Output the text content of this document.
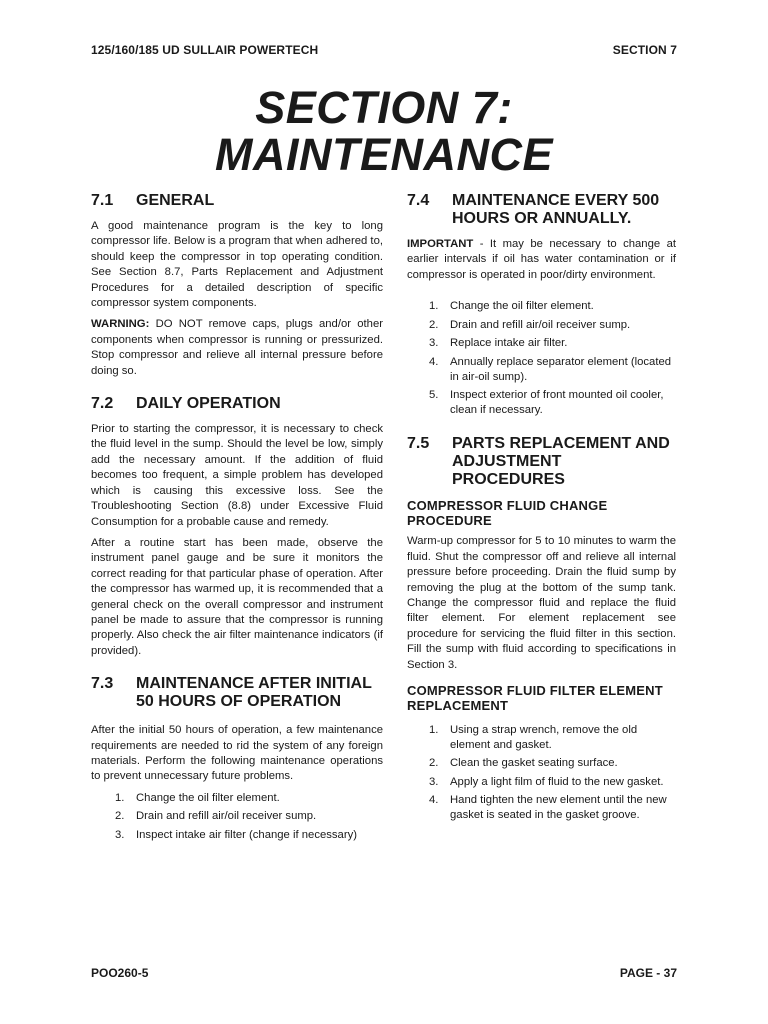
125/160/185 UD SULLAIR POWERTECH	SECTION 7
SECTION 7:
MAINTENANCE
7.1	GENERAL

A good maintenance program is the key to long compressor life. Below is a program that when adhered to, should keep the compressor in top operating condition. See Section 8.7, Parts Replacement and Adjustment Procedures for a detailed description of specific compressor system components.

WARNING: DO NOT remove caps, plugs and/or other components when compressor is running or pressurized. Stop compressor and relieve all internal pressure before doing so.

7.2	DAILY OPERATION

Prior to starting the compressor, it is necessary to check the fluid level in the sump. Should the level be low, simply add the necessary amount. If the addition of fluid becomes too frequent, a simple problem has developed which is causing this excessive loss. See the Troubleshooting Section (8.8) under Excessive Fluid Consumption for a probable cause and remedy.

After a routine start has been made, observe the instrument panel gauge and be sure it monitors the correct reading for that particular phase of operation. After the compressor has warmed up, it is recommended that a general check on the overall compressor and instrument panel be made to assure that the compressor is running properly. Also check the air filter maintenance indicators (if provided).

7.3	MAINTENANCE AFTER INITIAL 50 HOURS OF OPERATION

After the initial 50 hours of operation, a few maintenance requirements are needed to rid the system of any foreign materials. Perform the following maintenance operations to prevent unnecessary future problems.

1.	Change the oil filter element.
2.	Drain and refill air/oil receiver sump.
3.	Inspect intake air filter (change if necessary)
7.4	MAINTENANCE EVERY 500 HOURS OR ANNUALLY.

IMPORTANT - It may be necessary to change at earlier intervals if oil has water contamination or if compressor is operated in poor/dirty environment.

1.	Change the oil filter element.
2.	Drain and refill air/oil receiver sump.
3.	Replace intake air filter.
4.	Annually replace separator element (located in air-oil sump).
5.	Inspect exterior of front mounted oil cooler, clean if necessary.
7.5	PARTS REPLACEMENT AND ADJUSTMENT PROCEDURES
COMPRESSOR FLUID CHANGE PROCEDURE

Warm-up compressor for 5 to 10 minutes to warm the fluid. Shut the compressor off and relieve all internal pressure before proceeding. Drain the fluid sump by removing the plug at the bottom of the sump tank. Change the compressor fluid and replace the fluid filter element. For element replacement see procedure for servicing the fluid filter in this section. Fill the sump with fluid according to specifications in Section 3.

COMPRESSOR FLUID FILTER ELEMENT REPLACEMENT
1.	Using a strap wrench, remove the old element and gasket.
2.	Clean the gasket seating surface.
3.	Apply a light film of fluid to the new gasket.
4.	Hand tighten the new element until the new gasket is seated in the gasket groove.
POO260-5	PAGE - 37
